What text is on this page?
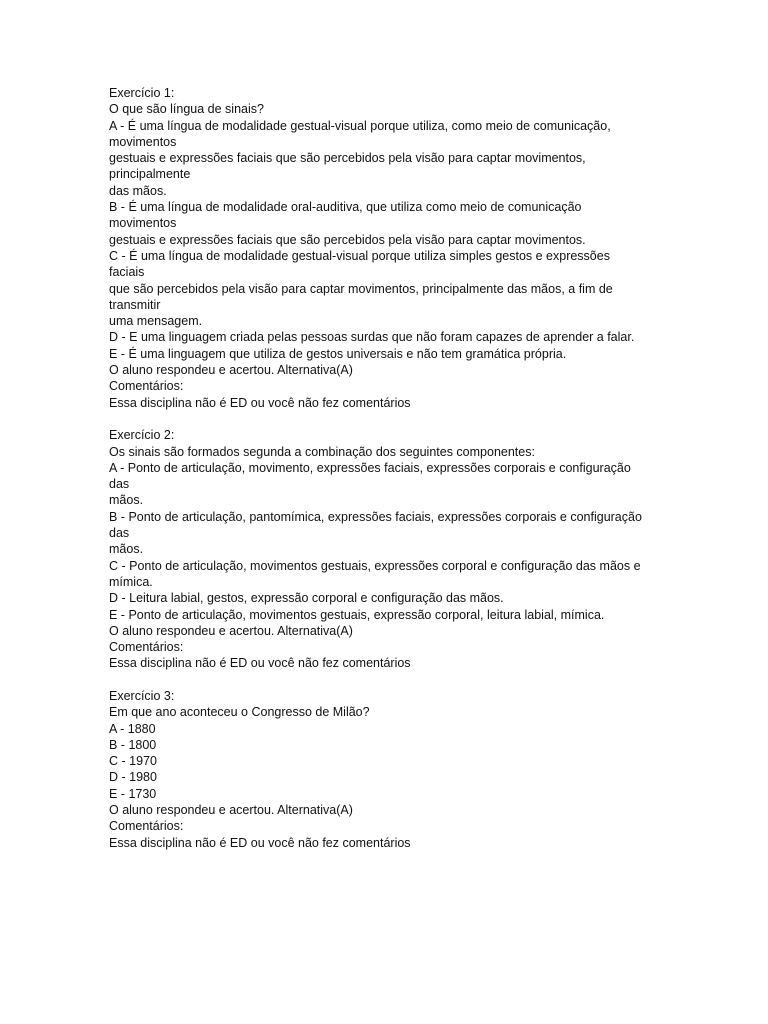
Exercício 1:
O que são língua de sinais?
A - É uma língua de modalidade gestual-visual porque utiliza, como meio de comunicação,
movimentos
gestuais e expressões faciais que são percebidos pela visão para captar movimentos,
principalmente
das mãos.
B - É uma língua de modalidade oral-auditiva, que utiliza como meio de comunicação
movimentos
gestuais e expressões faciais que são percebidos pela visão para captar movimentos.
C - É uma língua de modalidade gestual-visual porque utiliza simples gestos e expressões
faciais
que são percebidos pela visão para captar movimentos, principalmente das mãos, a fim de
transmitir
uma mensagem.
D - E uma linguagem criada pelas pessoas surdas que não foram capazes de aprender a falar.
E - É uma linguagem que utiliza de gestos universais e não tem gramática própria.
O aluno respondeu e acertou. Alternativa(A)
Comentários:
Essa disciplina não é ED ou você não fez comentários
Exercício 2:
Os sinais são formados segunda a combinação dos seguintes componentes:
A - Ponto de articulação, movimento, expressões faciais, expressões corporais e configuração
das
mãos.
B - Ponto de articulação, pantomímica, expressões faciais, expressões corporais e configuração
das
mãos.
C - Ponto de articulação, movimentos gestuais, expressões corporal e configuração das mãos e
mímica.
D - Leitura labial, gestos, expressão corporal e configuração das mãos.
E - Ponto de articulação, movimentos gestuais, expressão corporal, leitura labial, mímica.
O aluno respondeu e acertou. Alternativa(A)
Comentários:
Essa disciplina não é ED ou você não fez comentários
Exercício 3:
Em que ano aconteceu o Congresso de Milão?
A - 1880
B - 1800
C - 1970
D - 1980
E - 1730
O aluno respondeu e acertou. Alternativa(A)
Comentários:
Essa disciplina não é ED ou você não fez comentários
